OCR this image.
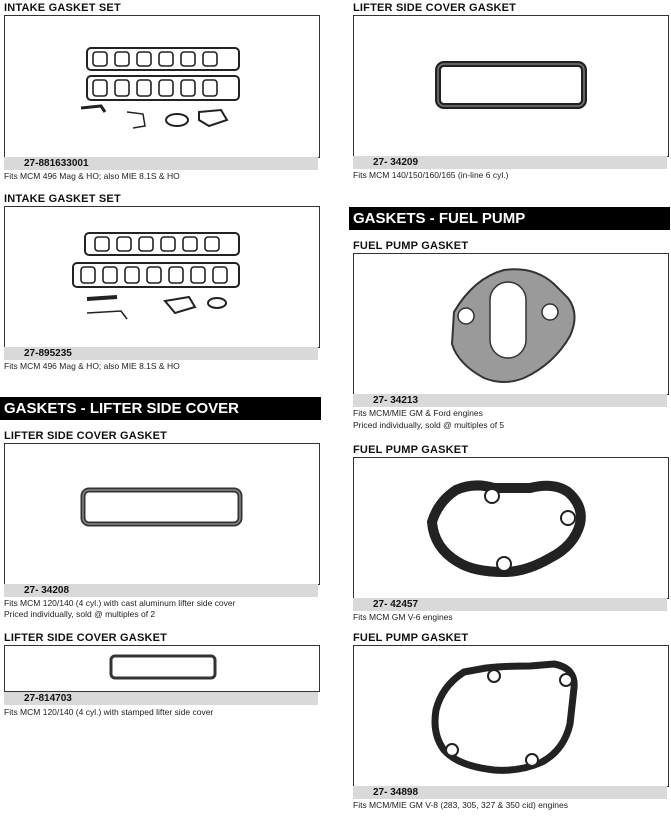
INTAKE GASKET SET
27-881633001
Fits MCM 496 Mag & HO; also MIE 8.1S & HO
INTAKE GASKET SET
27-895235
Fits MCM 496 Mag & HO; also MIE 8.1S & HO
GASKETS - LIFTER SIDE COVER
LIFTER SIDE COVER GASKET
27- 34208
Fits MCM 120/140 (4 cyl.) with cast aluminum lifter side cover
Priced individually, sold @ multiples of 2
LIFTER SIDE COVER GASKET
27-814703
Fits MCM 120/140 (4 cyl.) with stamped lifter side cover
LIFTER SIDE COVER GASKET
27- 34209
Fits MCM 140/150/160/165 (in-line 6 cyl.)
GASKETS - FUEL PUMP
FUEL PUMP GASKET
27- 34213
Fits MCM/MIE GM & Ford engines
Priced individually, sold @ multiples of 5
FUEL PUMP GASKET
27- 42457
Fits MCM GM V-6 engines
FUEL PUMP GASKET
27- 34898
Fits MCM/MIE GM V-8 (283, 305, 327 & 350 cid) engines
